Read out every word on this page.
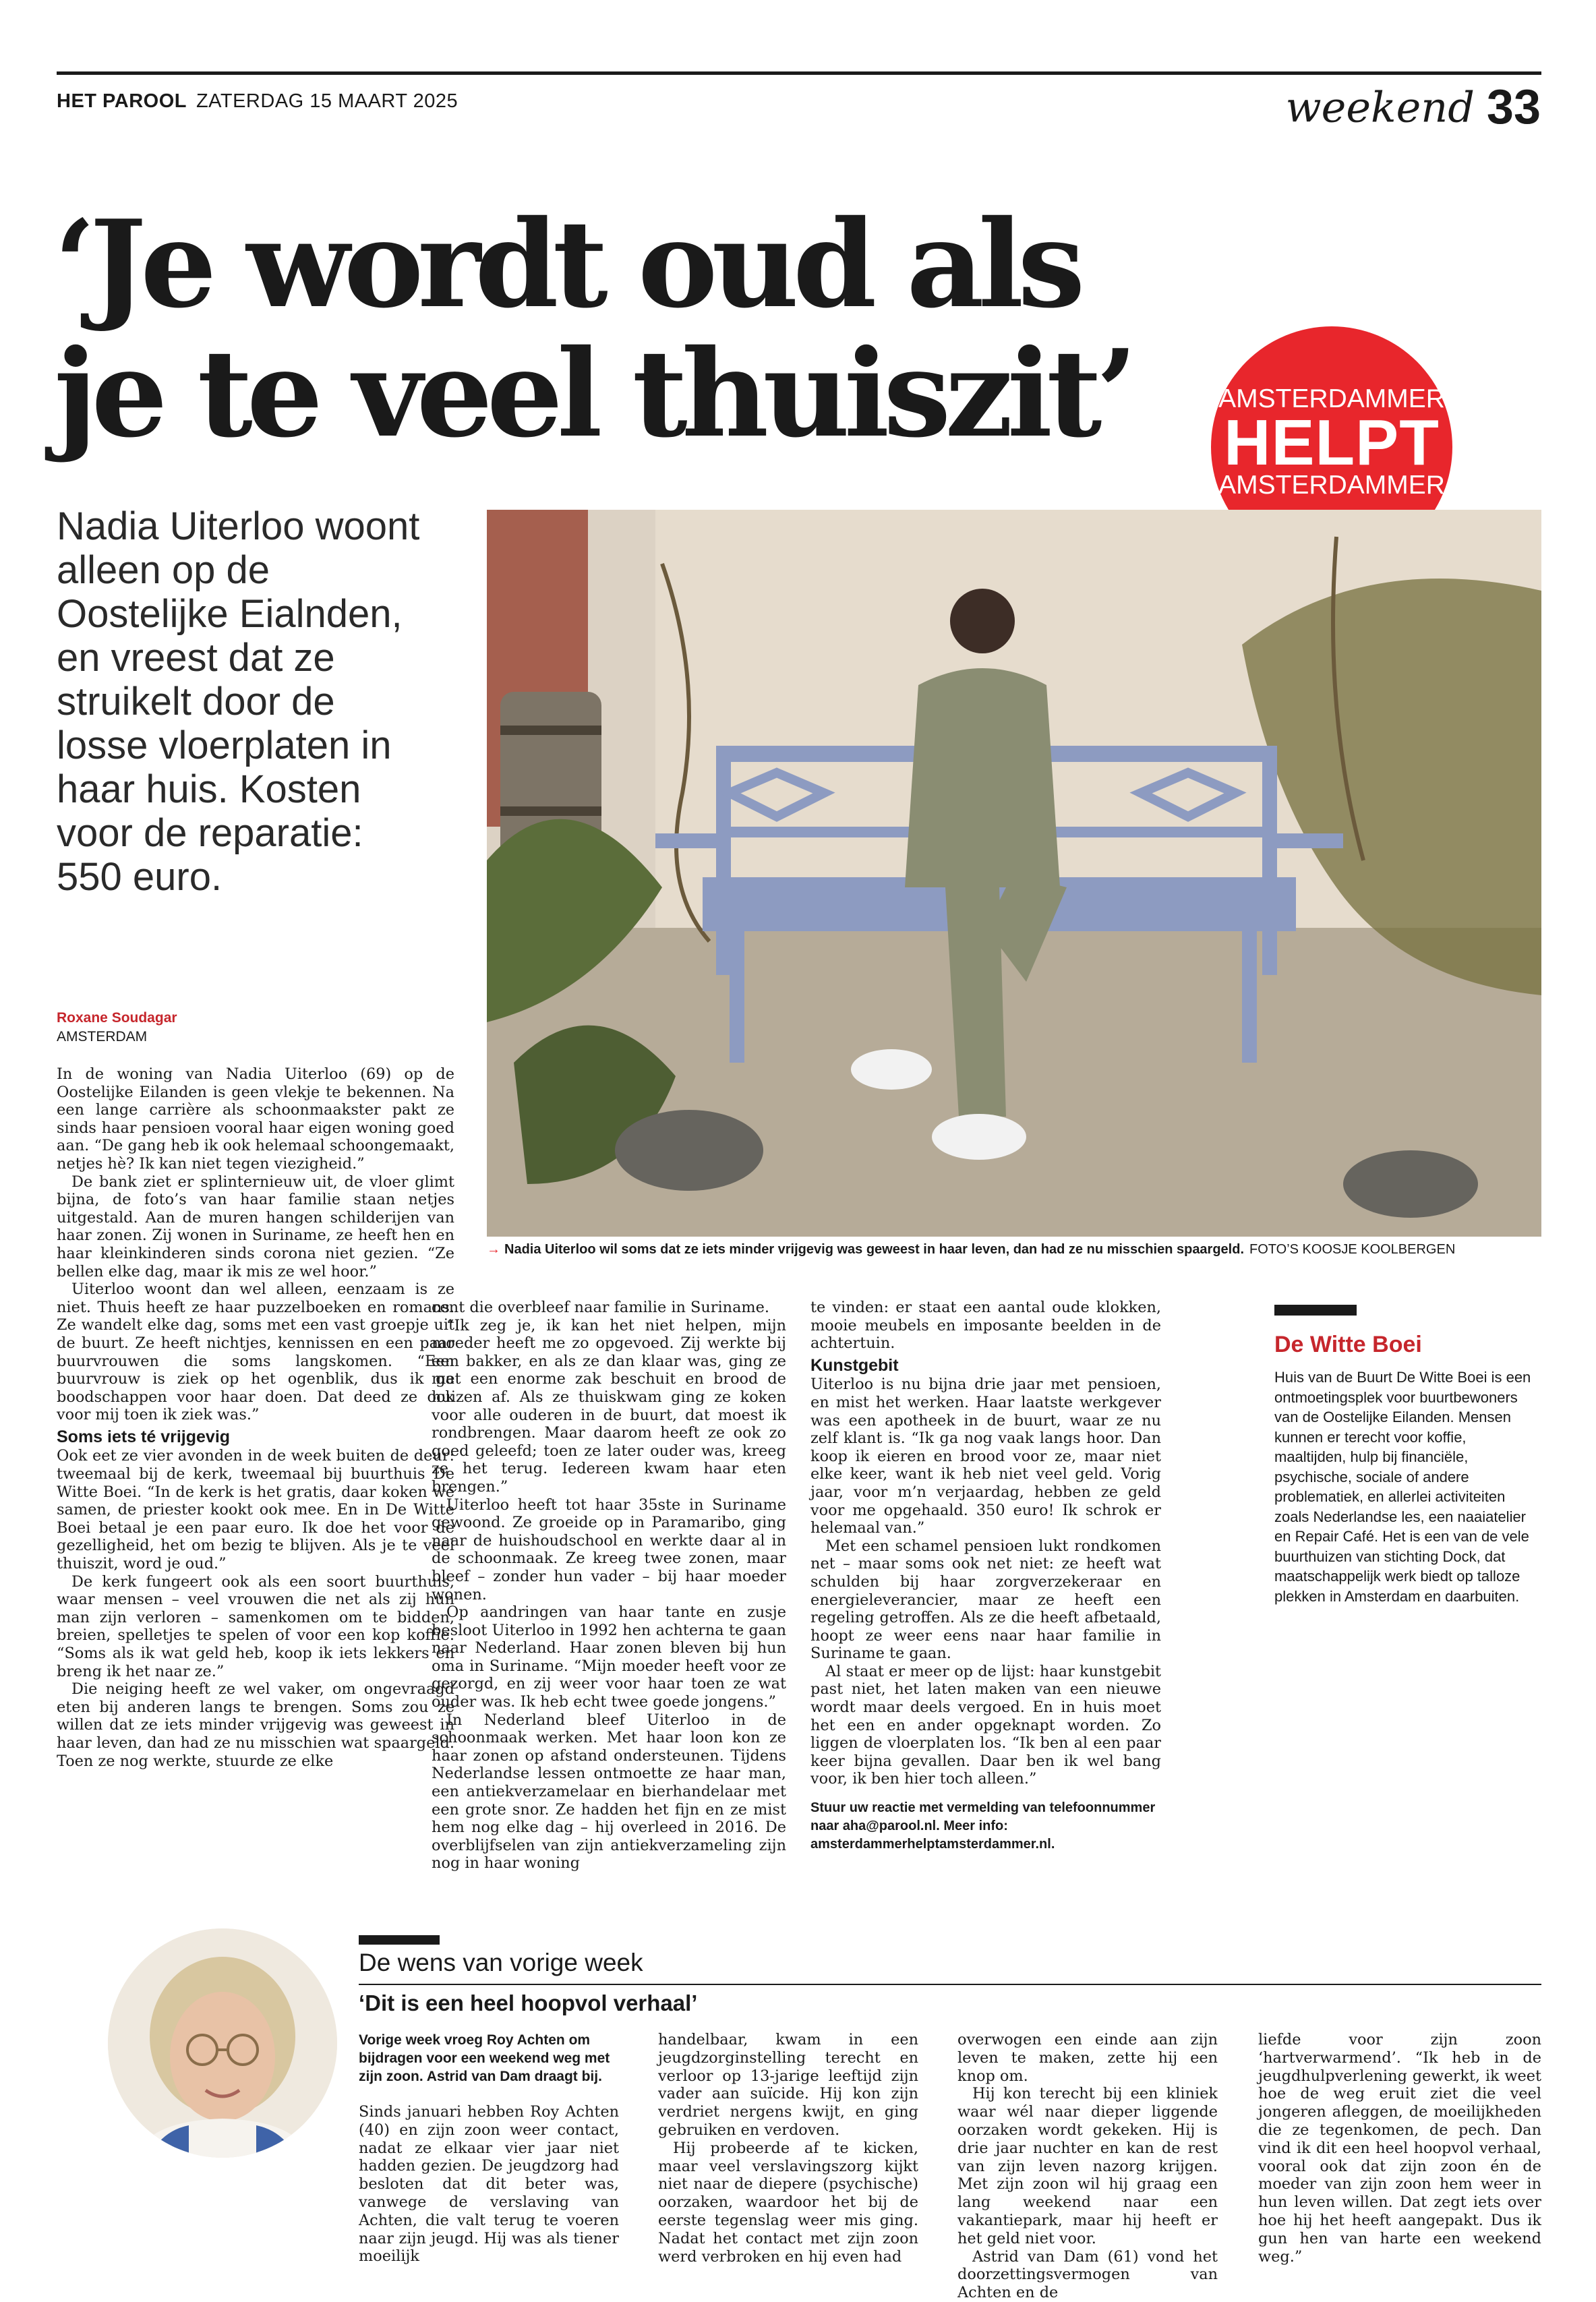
HET PAROOL ZATERDAG 15 MAART 2025	weekend 33
‘Je wordt oud als
je te veel thuiszit’	AMSTERDAMMER
HELPT
AMSTERDAMMER
Nadia Uiterloo woont alleen op de Oostelijke Eialnden, en vreest dat ze struikelt door de losse vloerplaten in haar huis. Kosten voor de reparatie: 550 euro.
→ Nadia Uiterloo wil soms dat ze iets minder vrijgevig was geweest in haar leven, dan had ze nu misschien spaargeld. FOTO’S KOOSJE KOOLBERGEN
Roxane Soudagar
AMSTERDAM

In de woning van Nadia Uiterloo (69) op de Oostelijke Eilanden is geen vlekje te bekennen. Na een lange carrière als schoonmaakster pakt ze sinds haar pensioen vooral haar eigen woning goed aan. “De gang heb ik ook helemaal schoongemaakt, netjes hè? Ik kan niet tegen viezigheid.”

De bank ziet er splinternieuw uit, de vloer glimt bijna, de foto’s van haar familie staan netjes uitgestald. Aan de muren hangen schilderijen van haar zonen. Zij wonen in Suriname, ze heeft hen en haar kleinkinderen sinds corona niet gezien. “Ze bellen elke dag, maar ik mis ze wel hoor.”

Uiterloo woont dan wel alleen, eenzaam is ze niet. Thuis heeft ze haar puzzelboeken en romans. Ze wandelt elke dag, soms met een vast groepje uit de buurt. Ze heeft nichtjes, kennissen en een paar buurvrouwen die soms langskomen. “Een buurvrouw is ziek op het ogenblik, dus ik ga boodschappen voor haar doen. Dat deed ze ook voor mij toen ik ziek was.”

Soms iets té vrijgevig

Ook eet ze vier avonden in de week buiten de deur: tweemaal bij de kerk, tweemaal bij buurthuis De Witte Boei. “In de kerk is het gratis, daar koken we samen, de priester kookt ook mee. En in De Witte Boei betaal je een paar euro. Ik doe het voor de gezelligheid, het om bezig te blijven. Als je te veel thuiszit, word je oud.”

De kerk fungeert ook als een soort buurthuis, waar mensen – veel vrouwen die net als zij hun man zijn verloren – samenkomen om te bidden, breien, spelletjes te spelen of voor een kop koffie. “Soms als ik wat geld heb, koop ik iets lekkers en breng ik het naar ze.”

Die neiging heeft ze wel vaker, om ongevraagd eten bij anderen langs te brengen. Soms zou ze willen dat ze iets minder vrijgevig was geweest in haar leven, dan had ze nu misschien wat spaargeld. Toen ze nog werkte, stuurde ze elke

cent die overbleef naar familie in Suriname.

“Ik zeg je, ik kan het niet helpen, mijn moeder heeft me zo opgevoed. Zij werkte bij een bakker, en als ze dan klaar was, ging ze met een enorme zak beschuit en brood de huizen af. Als ze thuiskwam ging ze koken voor alle ouderen in de buurt, dat moest ik rondbrengen. Maar daarom heeft ze ook zo goed geleefd; toen ze later ouder was, kreeg ze het terug. Iedereen kwam haar eten brengen.”

Uiterloo heeft tot haar 35ste in Suriname gewoond. Ze groeide op in Paramaribo, ging naar de huishoudschool en werkte daar al in de schoonmaak. Ze kreeg twee zonen, maar bleef – zonder hun vader – bij haar moeder wonen.

Op aandringen van haar tante en zusje besloot Uiterloo in 1992 hen achterna te gaan naar Nederland. Haar zonen bleven bij hun oma in Suriname. “Mijn moeder heeft voor ze gezorgd, en zij weer voor haar toen ze wat ouder was. Ik heb echt twee goede jongens.”

In Nederland bleef Uiterloo in de schoonmaak werken. Met haar loon kon ze haar zonen op afstand ondersteunen. Tijdens Nederlandse lessen ontmoette ze haar man, een antiekverzamelaar en bierhandelaar met een grote snor. Ze hadden het fijn en ze mist hem nog elke dag – hij overleed in 2016. De overblijfselen van zijn antiekverzameling zijn nog in haar woning

te vinden: er staat een aantal oude klokken, mooie meubels en imposante beelden in de achtertuin.

Kunstgebit

Uiterloo is nu bijna drie jaar met pensioen, en mist het werken. Haar laatste werkgever was een apotheek in de buurt, waar ze nu zelf klant is. “Ik ga nog vaak langs hoor. Dan koop ik eieren en brood voor ze, maar niet elke keer, want ik heb niet veel geld. Vorig jaar, voor m’n verjaardag, hebben ze geld voor me opgehaald. 350 euro! Ik schrok er helemaal van.”

Met een schamel pensioen lukt rondkomen net – maar soms ook net niet: ze heeft wat schulden bij haar zorgverzekeraar en energieleverancier, maar ze heeft een regeling getroffen. Als ze die heeft afbetaald, hoopt ze weer eens naar haar familie in Suriname te gaan.

Al staat er meer op de lijst: haar kunstgebit past niet, het laten maken van een nieuwe wordt maar deels vergoed. En in huis moet het een en ander opgeknapt worden. Zo liggen de vloerplaten los. “Ik ben al een paar keer bijna gevallen. Daar ben ik wel bang voor, ik ben hier toch alleen.”

Stuur uw reactie met vermelding van telefoonnummer naar aha@parool.nl. Meer info: amsterdammerhelptamsterdammer.nl.

De Witte Boei

Huis van de Buurt De Witte Boei is een ontmoetingsplek voor buurtbewoners van de Oostelijke Eilanden. Mensen kunnen er terecht voor koffie, maaltijden, hulp bij financiële, psychische, sociale of andere problematiek, en allerlei activiteiten zoals Nederlandse les, een naaiatelier en Repair Café. Het is een van de vele buurthuizen van stichting Dock, dat maatschappelijk werk biedt op talloze plekken in Amsterdam en daarbuiten.

De wens van vorige week
‘Dit is een heel hoopvol verhaal’

Vorige week vroeg Roy Achten om bijdragen voor een weekend weg met zijn zoon. Astrid van Dam draagt bij.

Sinds januari hebben Roy Achten (40) en zijn zoon weer contact, nadat ze elkaar vier jaar niet hadden gezien. De jeugdzorg had besloten dat dit beter was, vanwege de verslaving van Achten, die valt terug te voeren naar zijn jeugd. Hij was als tiener moeilijk

handelbaar, kwam in een jeugdzorginstelling terecht en verloor op 13-jarige leeftijd zijn vader aan suïcide. Hij kon zijn verdriet nergens kwijt, en ging gebruiken en verdoven.

Hij probeerde af te kicken, maar veel verslavingszorg kijkt niet naar de diepere (psychische) oorzaken, waardoor het bij de eerste tegenslag weer mis ging. Nadat het contact met zijn zoon werd verbroken en hij even had

overwogen een einde aan zijn leven te maken, zette hij een knop om.

Hij kon terecht bij een kliniek waar wél naar dieper liggende oorzaken wordt gekeken. Hij is drie jaar nuchter en kan de rest van zijn leven nazorg krijgen. Met zijn zoon wil hij graag een lang weekend naar een vakantiepark, maar hij heeft er het geld niet voor.

Astrid van Dam (61) vond het doorzettingsvermogen van Achten en de

liefde voor zijn zoon ‘hartverwarmend’. “Ik heb in de jeugdhulpverlening gewerkt, ik weet hoe de weg eruit ziet die veel jongeren afleggen, de moeilijkheden die ze tegenkomen, de pech. Dan vind ik dit een heel hoopvol verhaal, vooral ook dat zijn zoon én de moeder van zijn zoon hem weer in hun leven willen. Dat zegt iets over hoe hij het heeft aangepakt. Dus ik gun hen van harte een weekend weg.”
